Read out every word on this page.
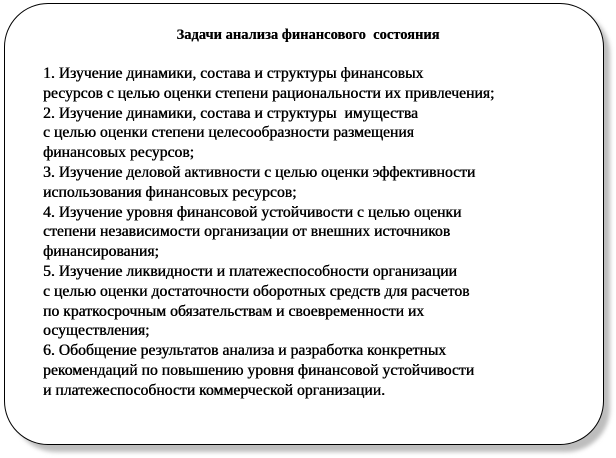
Задачи анализа финансового  состояния
1. Изучение динамики, состава и структуры финансовых
ресурсов с целью оценки степени рациональности их привлечения;
2. Изучение динамики, состава и структуры  имущества
с целью оценки степени целесообразности размещения
финансовых ресурсов;
3. Изучение деловой активности с целью оценки эффективности
использования финансовых ресурсов;
4. Изучение уровня финансовой устойчивости с целью оценки
степени независимости организации от внешних источников
финансирования;
5. Изучение ликвидности и платежеспособности организации
с целью оценки достаточности оборотных средств для расчетов
по краткосрочным обязательствам и своевременности их
осуществления;
6. Обобщение результатов анализа и разработка конкретных
рекомендаций по повышению уровня финансовой устойчивости
и платежеспособности коммерческой организации.
